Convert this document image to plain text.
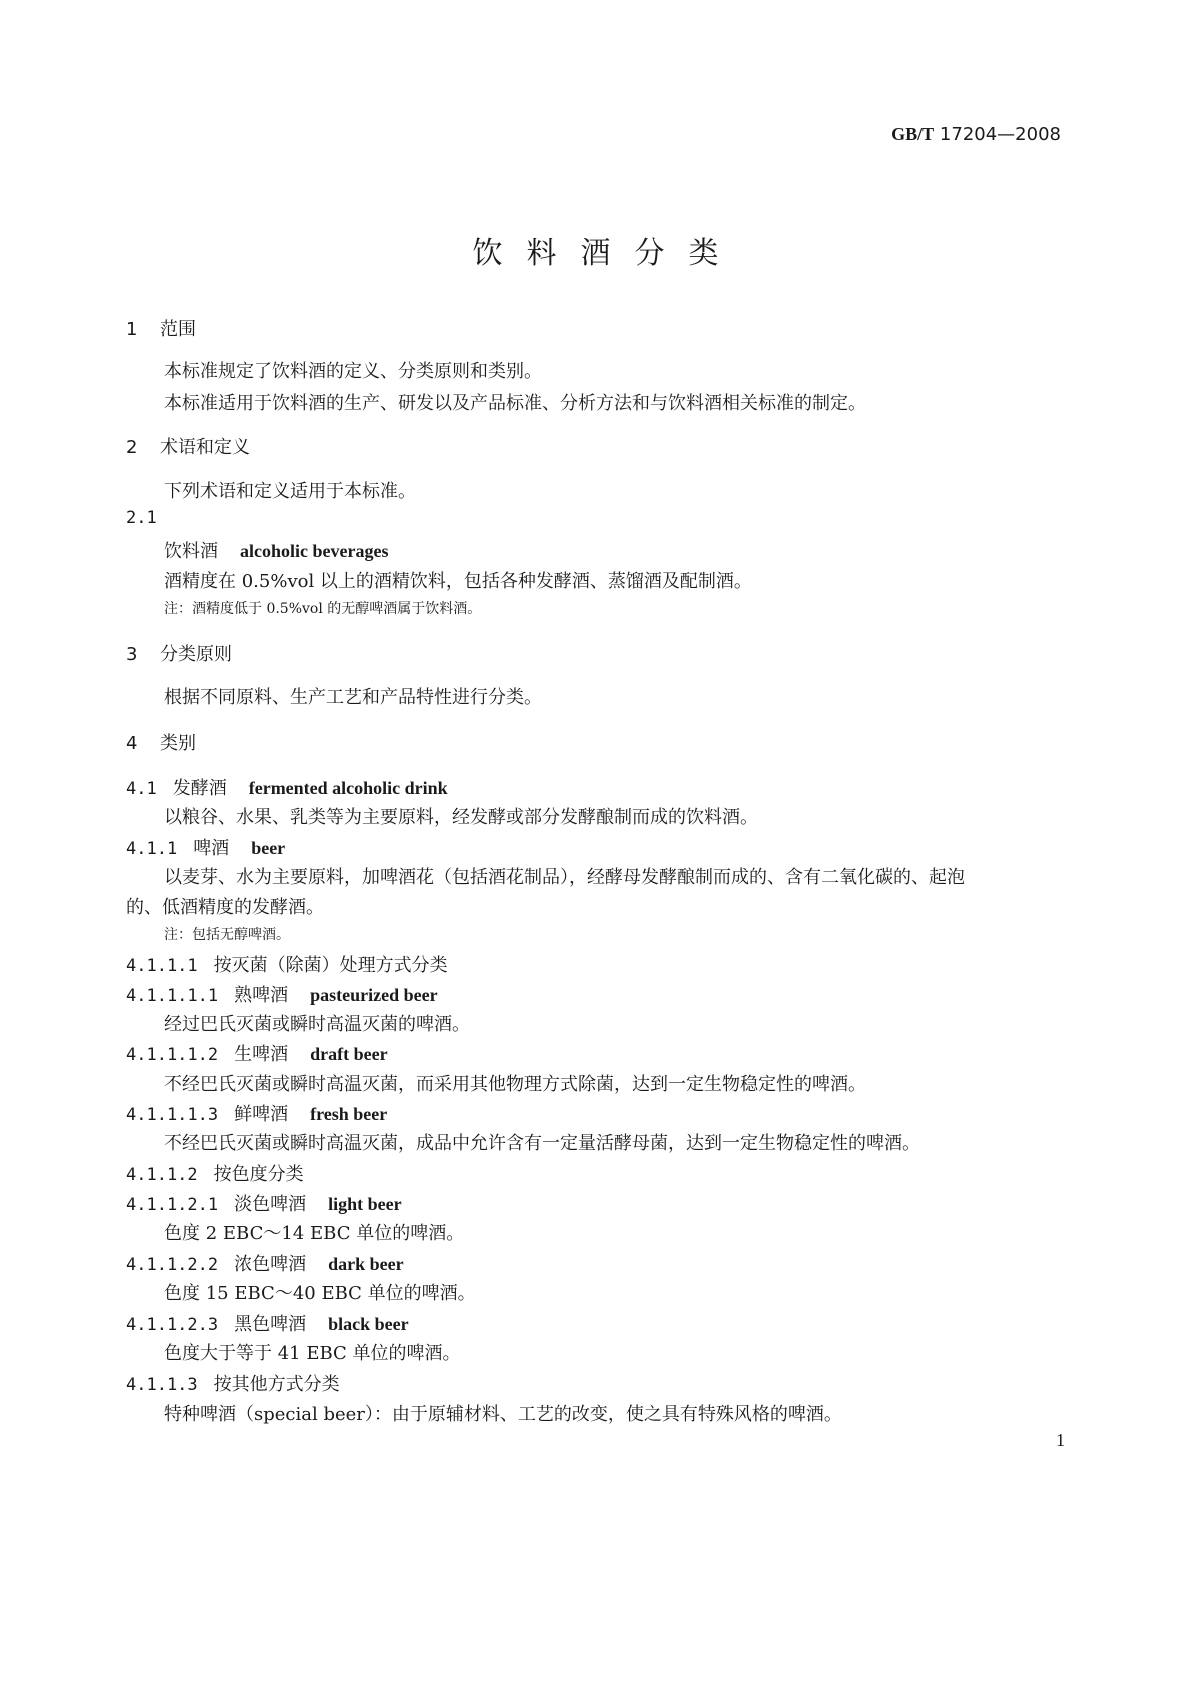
GB/T 17204—2008
饮料酒分类
1 范围
本标准规定了饮料酒的定义、分类原则和类别。
本标准适用于饮料酒的生产、研发以及产品标准、分析方法和与饮料酒相关标准的制定。
2 术语和定义
下列术语和定义适用于本标准。
2.1
饮料酒 alcoholic beverages
酒精度在 0.5%vol 以上的酒精饮料，包括各种发酵酒、蒸馏酒及配制酒。
注：酒精度低于 0.5%vol 的无醇啤酒属于饮料酒。
3 分类原则
根据不同原料、生产工艺和产品特性进行分类。
4 类别
4.1 发酵酒 fermented alcoholic drink
以粮谷、水果、乳类等为主要原料，经发酵或部分发酵酿制而成的饮料酒。
4.1.1 啤酒 beer
以麦芽、水为主要原料，加啤酒花（包括酒花制品），经酵母发酵酿制而成的、含有二氧化碳的、起泡
的、低酒精度的发酵酒。
注：包括无醇啤酒。
4.1.1.1 按灭菌（除菌）处理方式分类
4.1.1.1.1 熟啤酒 pasteurized beer
经过巴氏灭菌或瞬时高温灭菌的啤酒。
4.1.1.1.2 生啤酒 draft beer
不经巴氏灭菌或瞬时高温灭菌，而采用其他物理方式除菌，达到一定生物稳定性的啤酒。
4.1.1.1.3 鲜啤酒 fresh beer
不经巴氏灭菌或瞬时高温灭菌，成品中允许含有一定量活酵母菌，达到一定生物稳定性的啤酒。
4.1.1.2 按色度分类
4.1.1.2.1 淡色啤酒 light beer
色度 2 EBC～14 EBC 单位的啤酒。
4.1.1.2.2 浓色啤酒 dark beer
色度 15 EBC～40 EBC 单位的啤酒。
4.1.1.2.3 黑色啤酒 black beer
色度大于等于 41 EBC 单位的啤酒。
4.1.1.3 按其他方式分类
特种啤酒（special beer）：由于原辅材料、工艺的改变，使之具有特殊风格的啤酒。
1
